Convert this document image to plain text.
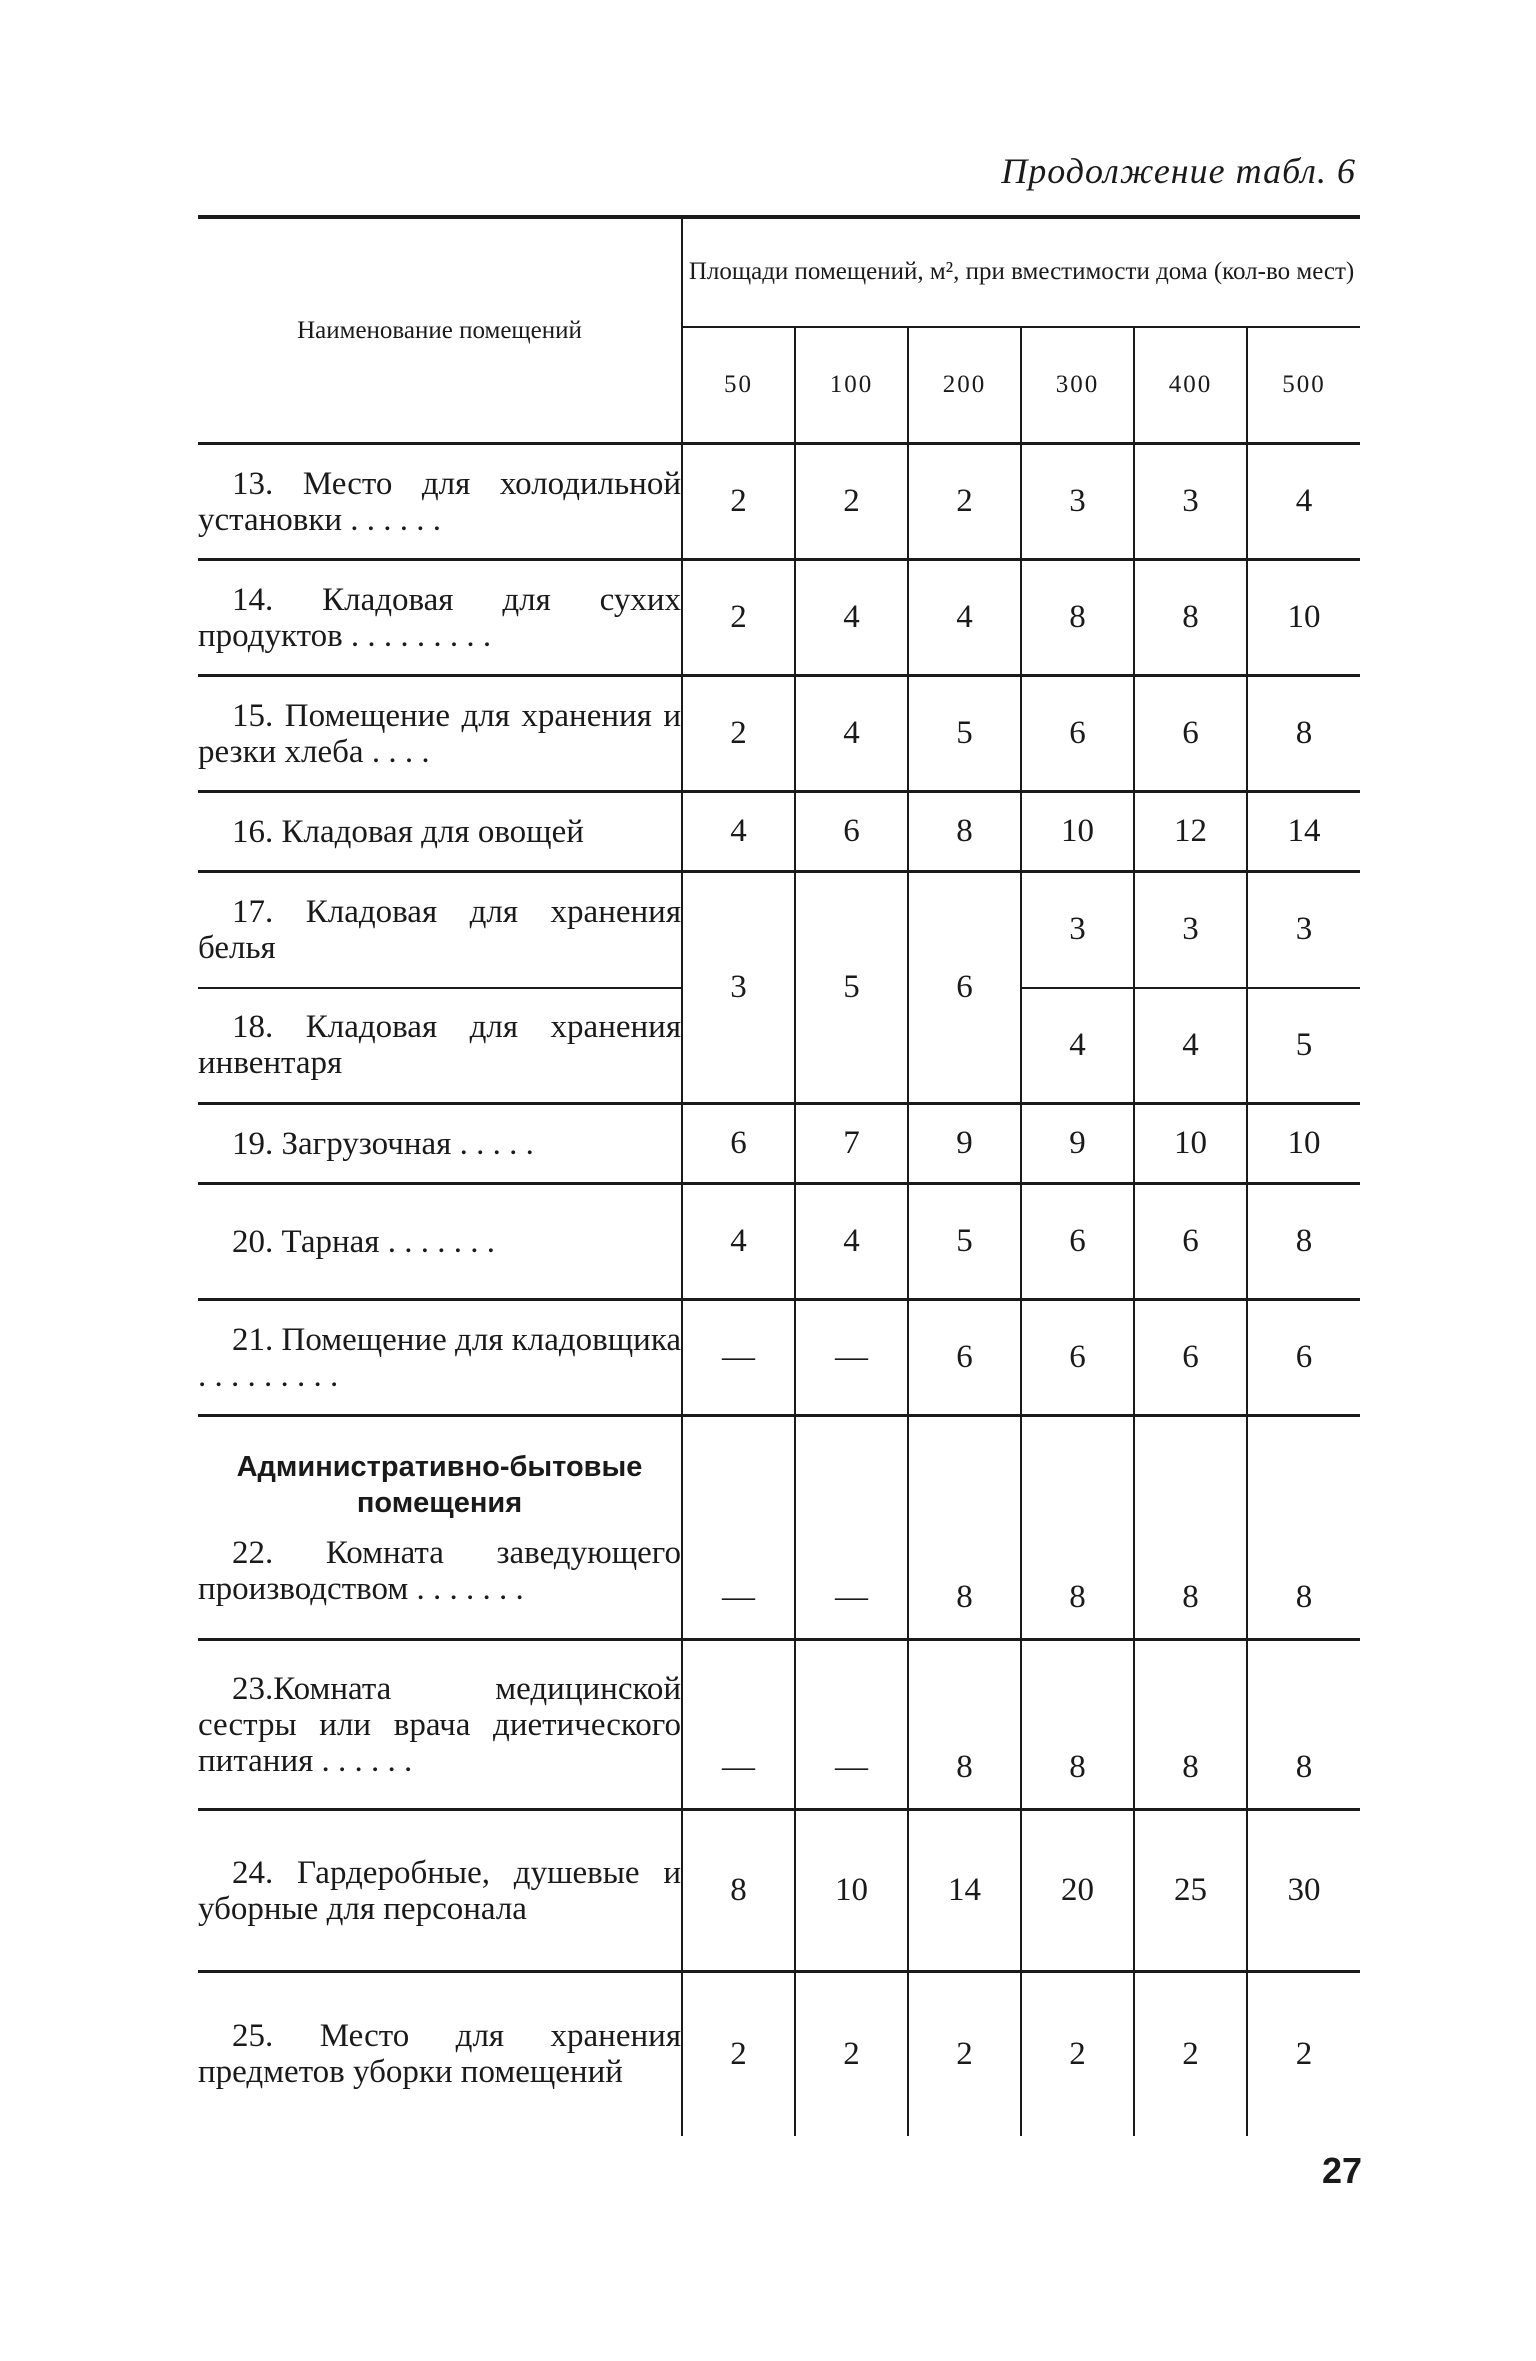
Продолжение табл. 6
Наименование помещений	Площади помещений, м², при вместимости дома (кол-во мест)					
	50	100	200	300	400	500
13. Место для холодильной установки . . . . . .	2	2	2	3	3	4
14. Кладовая для сухих продуктов . . . . . . . . .	2	4	4	8	8	10
15. Помещение для хранения и резки хлеба . . . .	2	4	5	6	6	8
16. Кладовая для овощей	4	6	8	10	12	14
17. Кладовая для хранения белья	3	5	6	3	3	3
18. Кладовая для хранения инвентаря				4	4	5
19. Загрузочная . . . . .	6	7	9	9	10	10
20. Тарная . . . . . . .	4	4	5	6	6	8
21. Помещение для кладовщика . . . . . . . . .	—	—	6	6	6	6

Административно-бытовые помещения
22. Комната заведующего производством . . . . . . .	—	—	8	8	8	8
23.Комната медицинской сестры или врача диетического питания . . . . . .	—	—	8	8	8	8
24. Гардеробные, душевые и уборные для персонала	8	10	14	20	25	30
25. Место для хранения предметов уборки помещений	2	2	2	2	2	2
27
